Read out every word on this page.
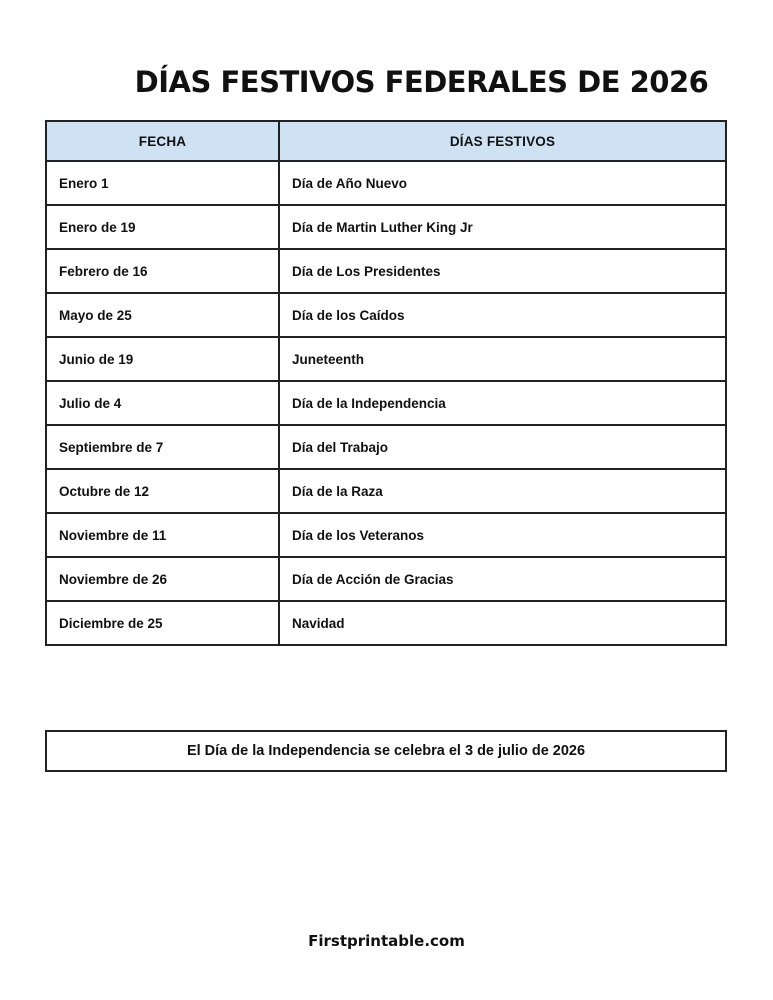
DÍAS FESTIVOS FEDERALES DE 2026
FECHA	DÍAS FESTIVOS
Enero 1	Día de Año Nuevo
Enero de 19	Día de Martin Luther King Jr
Febrero de 16	Día de Los Presidentes
Mayo de 25	Día de los Caídos
Junio de 19	Juneteenth
Julio de 4	Día de la Independencia
Septiembre de 7	Día del Trabajo
Octubre de 12	Día de la Raza
Noviembre de 11	Día de los Veteranos
Noviembre de 26	Día de Acción de Gracias
Diciembre de 25	Navidad
El Día de la Independencia se celebra el 3 de julio de 2026
Firstprintable.com
